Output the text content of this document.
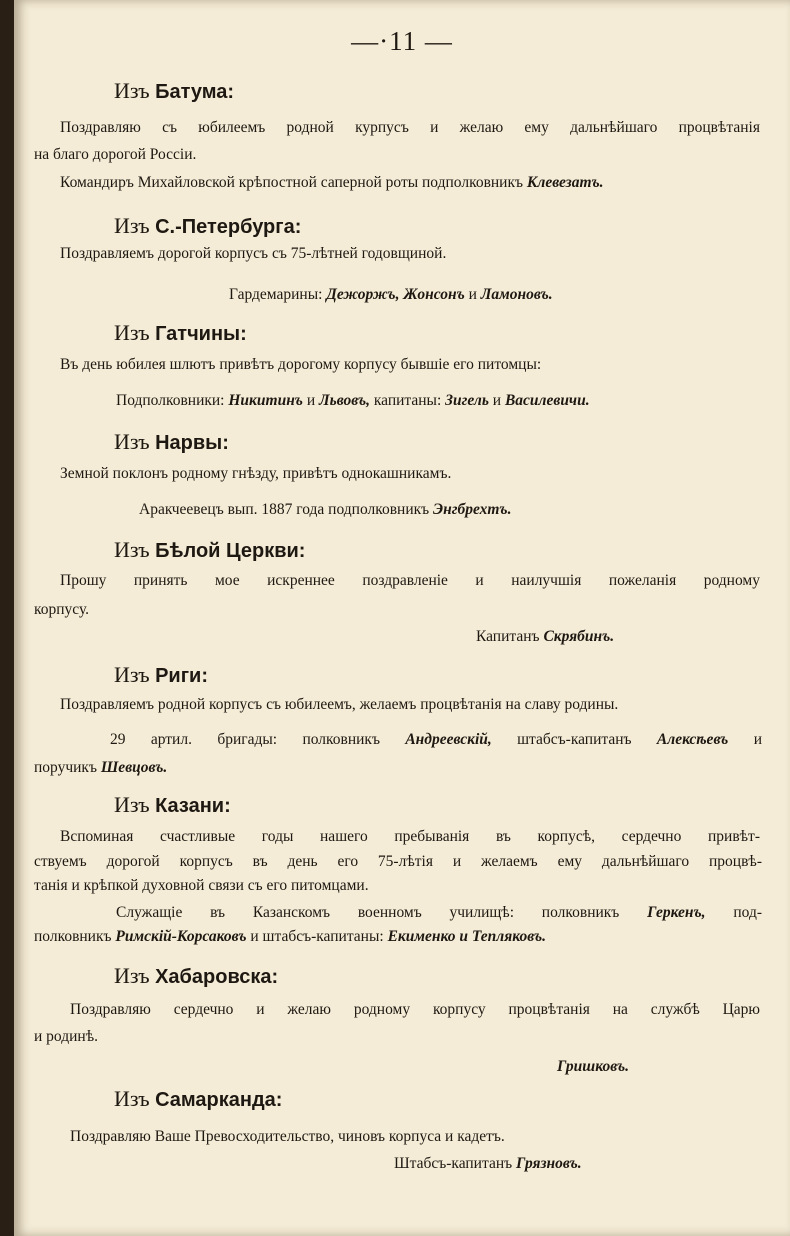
—·11 —
Изъ Батума:
Поздравляю съ юбилеемъ родной курпусъ и желаю ему дальнѣйшаго процвѣтанія
на благо дорогой Россіи.
Командиръ Михайловской крѣпостной саперной роты подполковникъ Клевезатъ.
Изъ С.-Петербурга:
Поздравляемъ дорогой корпусъ съ 75-лѣтней годовщиной.
Гардемарины: Дежоржъ, Жонсонъ и Ламоновъ.
Изъ Гатчины:
Въ день юбилея шлютъ привѣтъ дорогому корпусу бывшіе его питомцы:
Подполковники: Никитинъ и Львовъ, капитаны: Зигель и Василевичи.
Изъ Нарвы:
Земной поклонъ родному гнѣзду, привѣтъ однокашникамъ.
Аракчеевецъ вып. 1887 года подполковникъ Энгбрехтъ.
Изъ Бѣлой Церкви:
Прошу принять мое искреннее поздравленіе и наилучшія пожеланія родному
корпусу.
Капитанъ Скрябинъ.
Изъ Риги:
Поздравляемъ родной корпусъ съ юбилеемъ, желаемъ процвѣтанія на славу родины.
29 артил. бригады: полковникъ Андреевскій, штабсъ-капитанъ Алексѣевъ и
поручикъ Шевцовъ.
Изъ Казани:
Вспоминая счастливые годы нашего пребыванія въ корпусѣ, сердечно привѣт-
ствуемъ дорогой корпусъ въ день его 75-лѣтія и желаемъ ему дальнѣйшаго процвѣ-
танія и крѣпкой духовной связи съ его питомцами.
Служащіе въ Казанскомъ военномъ училищѣ: полковникъ Геркенъ, под-
полковникъ Римскій-Корсаковъ и штабсъ-капитаны: Екименко и Тепляковъ.
Изъ Хабаровска:
Поздравляю сердечно и желаю родному корпусу процвѣтанія на службѣ Царю
и родинѣ.
Гришковъ.
Изъ Самарканда:
Поздравляю Ваше Превосходительство, чиновъ корпуса и кадетъ.
Штабсъ-капитанъ Грязновъ.
